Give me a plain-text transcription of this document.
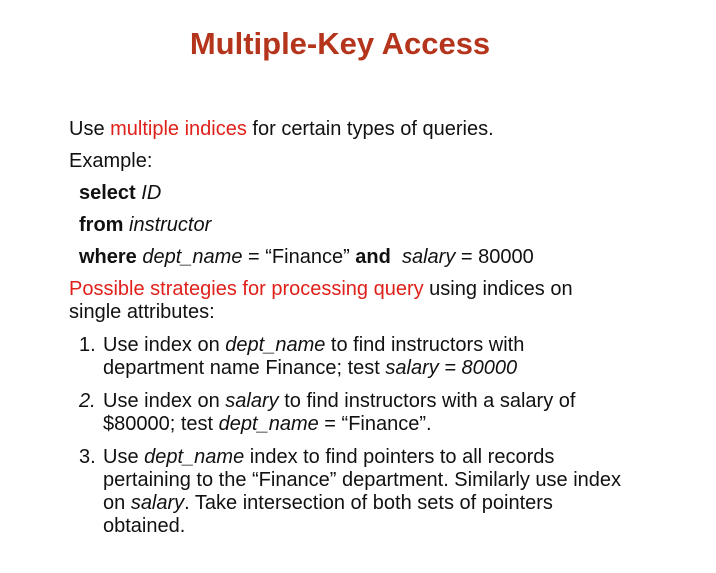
Multiple-Key Access

Use multiple indices for certain types of queries.

Example:

select ID

from instructor

where dept_name = “Finance” and salary = 80000

Possible strategies for processing query using indices on

single attributes:

1. Use index on dept_name to find instructors with
department name Finance; test salary = 80000
2. Use index on salary to find instructors with a salary of
$80000; test dept_name = “Finance”.
3. Use dept_name index to find pointers to all records
pertaining to the “Finance” department. Similarly use index
on salary. Take intersection of both sets of pointers
obtained.
